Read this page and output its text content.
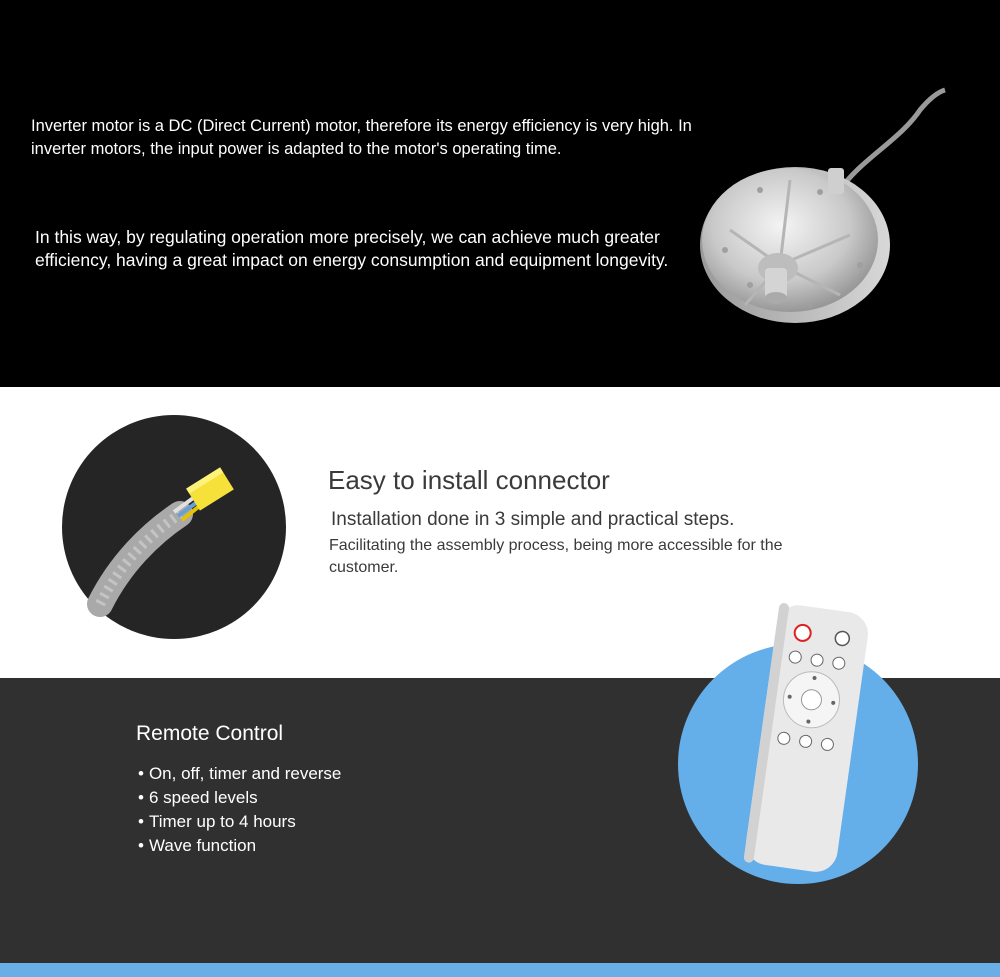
Inverter motor is a DC (Direct Current) motor, therefore its energy efficiency is very high. In inverter motors, the input power is adapted to the motor's operating time.
In this way, by regulating operation more precisely, we can achieve much greater efficiency, having a great impact on energy consumption and equipment longevity.
Easy to install connector
Installation done in 3 simple and practical steps.
Facilitating the assembly process, being more accessible for the customer.
Remote Control
• On, off, timer and reverse
• 6 speed levels
• Timer up to 4 hours
• Wave function
